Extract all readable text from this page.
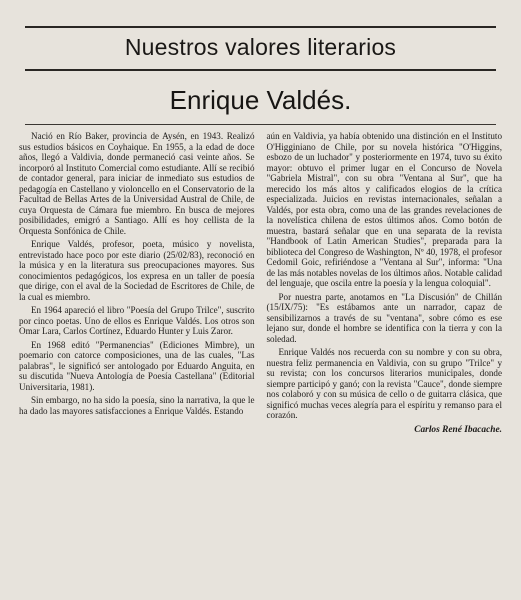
Nuestros valores literarios
Enrique Valdés.

Nació en Río Baker, provincia de Aysén, en 1943. Realizó sus estudios básicos en Coyhaique. En 1955, a la edad de doce años, llegó a Valdivia, donde permaneció casi veinte años. Se incorporó al Instituto Comercial como estudiante. Allí se recibió de contador general, para iniciar de inmediato sus estudios de pedagogía en Castellano y violoncello en el Conservatorio de la Facultad de Bellas Artes de la Universidad Austral de Chile, de cuya Orquesta de Cámara fue miembro. En busca de mejores posibilidades, emigró a Santiago. Allí es hoy cellista de la Orquesta Sonfónica de Chile.

Enrique Valdés, profesor, poeta, músico y novelista, entrevistado hace poco por este diario (25/02/83), reconoció en la música y en la literatura sus preocupaciones mayores. Sus conocimientos pedagógicos, los expresa en un taller de poesía que dirige, con el aval de la Sociedad de Escritores de Chile, de la cual es miembro.

En 1964 apareció el libro "Poesía del Grupo Trilce", suscrito por cinco poetas. Uno de ellos es Enrique Valdés. Los otros son Omar Lara, Carlos Cortínez, Eduardo Hunter y Luis Zaror.

En 1968 editó "Permanencias" (Ediciones Mimbre), un poemario con catorce composiciones, una de las cuales, "Las palabras", le significó ser antologado por Eduardo Anguita, en su discutida "Nueva Antología de Poesía Castellana" (Editorial Universitaria, 1981).

Sin embargo, no ha sido la poesía, sino la narrativa, la que le ha dado las mayores satisfacciones a Enrique Valdés. Estando

aún en Valdivia, ya había obtenido una distinción en el Instituto O'Higginiano de Chile, por su novela histórica "O'Higgins, esbozo de un luchador" y posteriormente en 1974, tuvo su éxito mayor: obtuvo el primer lugar en el Concurso de Novela "Gabriela Mistral", con su obra "Ventana al Sur", que ha merecido los más altos y calificados elogios de la crítica especializada. Juicios en revistas internacionales, señalan a Valdés, por esta obra, como una de las grandes revelaciones de la novelística chilena de estos últimos años. Como botón de muestra, bastará señalar que en una separata de la revista "Handbook of Latin American Studies", preparada para la biblioteca del Congreso de Washington, Nº 40, 1978, el profesor Cedomil Goic, refiriéndose a "Ventana al Sur", informa: "Una de las más notables novelas de los últimos años. Notable calidad del lenguaje, que oscila entre la poesía y la lengua coloquial".

Por nuestra parte, anotamos en "La Discusión" de Chillán (15/IX/75): "Es estábamos ante un narrador, capaz de sensibilizarnos a través de su "ventana", sobre cómo es ese lejano sur, donde el hombre se identifica con la tierra y con la soledad.

Enrique Valdés nos recuerda con su nombre y con su obra, nuestra feliz permanencia en Valdivia, con su grupo "Trilce" y su revista; con los concursos literarios municipales, donde siempre participó y ganó; con la revista "Cauce", donde siempre nos colaboró y con su música de cello o de guitarra clásica, que significó muchas veces alegría para el espíritu y remanso para el corazón.

Carlos René Ibacache.
